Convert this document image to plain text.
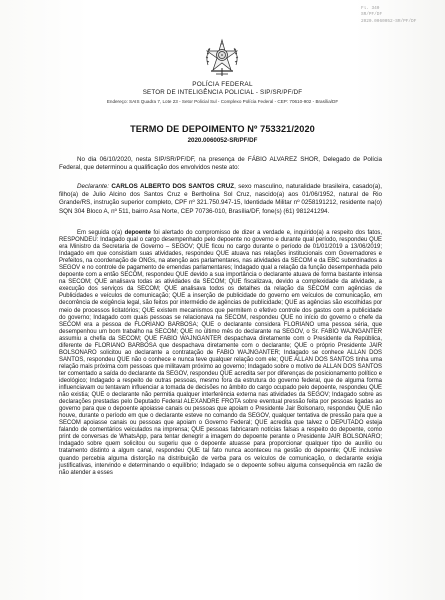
Fl. 340
SR/PF/DF
2020.0060052-SR/PF/DF
POLÍCIA FEDERAL
SETOR DE INTELIGÊNCIA POLICIAL - SIP/SR/PF/DF
Endereço: SAIS Quadra 7, Lote 23 - Setor Policial Sul - Complexo Polícia Federal - CEP: 70610-902 - Brasília/DF
TERMO DE DEPOIMENTO Nº 753321/2020
2020.0060052-SR/PF/DF

No dia 06/10/2020, nesta SIP/SR/PF/DF, na presença de FÁBIO ALVAREZ SHOR, Delegado de Polícia Federal, que determinou a qualificação dos envolvidos neste ato:

Declarante: CARLOS ALBERTO DOS SANTOS CRUZ, sexo masculino, naturalidade brasileira, casado(a), filho(a) de Julio Alcino dos Santos Cruz e Bertholina Sol Cruz, nascido(a) aos 01/06/1952, natural de Rio Grande/RS, instrução superior completo, CPF nº 321.750.947-15, Identidade Militar nº 0258191212, residente na(o) SQN 304 Bloco A, nº 511, bairro Asa Norte, CEP 70736-010, Brasília/DF, fone(s) (61) 981241294.

Em seguida o(a) depoente foi alertado do compromisso de dizer a verdade e, inquirido(a) a respeito dos fatos, RESPONDEU: Indagado qual o cargo desempenhado pelo depoente no governo e durante qual período, respondeu QUE era Ministro da Secretaria de Governo – SEGOV; QUE ficou no cargo durante o período de 01/01/2019 a 13/06/2019; Indagado em que consistiam suas atividades, respondeu QUE atuava nas relações institucionais com Governadores e Prefeitos, na coordenação de ONGs, na atenção aos parlamentares, nas atividades da SECOM e da EBC subordinados a SEGOV e no controle de pagamento de emendas parlamentares; Indagado qual a relação da função desempenhada pelo depoente com a então SECOM, respondeu QUE devido a sua importância o declarante atuava de forma bastante intensa na SECOM; QUE analisava todas as atividades da SECOM; QUE fiscalizava, devido a complexidade da atividade, a execução dos serviços da SECOM; QUE analisava todos os detalhes da relação da SECOM com agências de Publicidades e veículos de comunicação; QUE a inserção de publicidade do governo em veículos de comunicação, em decorrência de exigência legal, são feitos por intermédio de agências de publicidade; QUE as agências são escolhidas por meio de processos licitatórios; QUE existem mecanismos que permitem o efetivo controle dos gastos com a publicidade do governo; Indagado com quais pessoas se relacionava na SECOM, respondeu QUE no início do governo o chefe da SECOM era a pessoa de FLORIANO BARBOSA; QUE o declarante considera FLORIANO uma pessoa séria, que desempenhou um bom trabalho na SECOM; QUE no último mês do declarante na SEGOV, o Sr. FABIO WAJNGANTER assumiu a chefia da SECOM; QUE FABIO WAJNGANTER despachava diretamente com o Presidente da República, diferente de FLORIANO BARBOSA que despachava diretamente com o declarante; QUE o próprio Presidente JAIR BOLSONARO solicitou ao declarante a contratação de FABIO WAJNGANTER; Indagado se conhece ALLAN DOS SANTOS, respondeu QUE não o conhece e nunca teve qualquer relação com ele; QUE ALLAN DOS SANTOS tinha uma relação mais próxima com pessoas que militavam próximo ao governo; Indagado sobre o motivo de ALLAN DOS SANTOS ter comentado a saída do declarante da SEGOV, respondeu QUE acredita ser por diferenças de posicionamento político e ideológico; Indagado a respeito de outras pessoas, mesmo fora da estrutura do governo federal, que de alguma forma influenciavam ou tentavam influenciar a tomada de decisões no âmbito do cargo ocupado pelo depoente, respondeu QUE não existia; QUE o declarante não permitia qualquer interferência externa nas atividades da SEGOV; Indagado sobre as declarações prestadas pelo Deputado Federal ALEXANDRE FROTA sobre eventual pressão feita por pessoas ligadas ao governo para que o depoente apoiasse canais ou pessoas que apoiam o Presidente Jair Bolsonaro, respondeu QUE não houve, durante o período em que o declarante esteve no comando da SEGOV, qualquer tentativa de pressão para que a SECOM apoiasse canais ou pessoas que apoiam o Governo Federal; QUE acredita que talvez o DEPUTADO esteja falando de comentários veiculados na imprensa; QUE pessoas fabricaram notícias falsas a respeito do depoente, como print de conversas de WhatsApp, para tentar denegrir a imagem do depoente perante o Presidente JAIR BOLSONARO; Indagado sobre quem solicitou ou sugeriu que o depoente atuasse para proporcionar qualquer tipo de auxílio ou tratamento distinto a algum canal, respondeu QUE tal fato nunca aconteceu na gestão do depoente; QUE inclusive quando percebia alguma distorção na distribuição de verba para os veículos de comunicação, o declarante exigia justificativas, intervindo e determinando o equilíbrio; Indagado se o depoente sofreu alguma consequência em razão de não atender a esses
